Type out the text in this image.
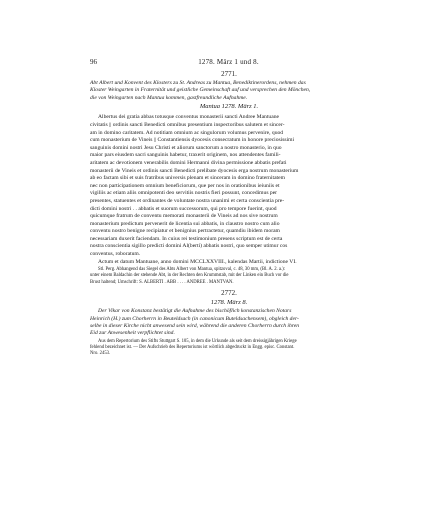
96	1278. März 1 und 8.
2771.

Abt Albert und Konvent des Klosters zu St. Andreas zu Mantua, Benediktinerordens, nehmen das

Kloster Weingarten in Fraternität und geistliche Gemeinschaft auf und versprechen den Mönchen,

die von Weingarten nach Mantua kommen, gastfreundliche Aufnahme.

Mantua 1278. März 1.
Albertus dei gratia abbas totusque conventus monasterii sancti Andree Mantuane
civitatis || ordinis sancti Benedicti omnibus presentium inspectoribus salutem et sincer-
am in domino caritatem. Ad notitiam omnium ac singulorum volumus pervenire, quod
cum monasterium de Vineis || Constantiensis dyocesis consecratum in honore preciosissimi
sanguinis domini nostri Jesu Christi et aliorum sanctorum a nostro monasterio, in quo
maior pars eiusdem sacri sanguinis habetur, traxerit originem, nos attendentes famili-
aritatem ac devotionem venerabilis domini Hermanni divina permissione abbatis prefati
monasterii de Vineis et ordinis sancti Benedicti prelibate dyocesis erga nostrum monasterium
ab eo factam sibi et suis fratribus universis plenam et sinceram in domino fraternitatem
nec non participationem omnium beneficiorum, que per nos in orationibus ieiuniis et
vigiliis ac etiam aliis omnipotenti deo servitiis nostris fieri possunt, concedimus per
presentes, statuentes et ordinantes de voluntate nostra unanimi et certa conscientia pre-
dicti domini nostri . . abbatis et suorum successorum, qui pro tempore fuerint, quod
quicumque fratrum de conventu memorati monasterii de Vineis ad nos sive nostrum
monasterium predictum pervenerit de licentia sui abbatis, in claustro nostro cum alio
conventu nostro benigne recipiatur et benignius pertractetur, quamdiu ibidem moram
necessariam duxerit faciendam. In cuius rei testimonium presens scriptum est de certa
nostra conscientia sigillo predicti domini Al(berti) abbatis nostri, quo semper utimur cos
conventus, roboratum.
Actum et datum Mantuane, anno domini MCCLXXVIII., kalendas Martii, indictione VI.
Stl. Perg. Abhangend das Siegel des Abts Albert von Mantua, spitzoval, c. 48, 30 mm, (Bl. A. 2. a.):
unter einem Baldachin der stehende Abt, in der Rechten den Krummstab, mit der Linken ein Buch vor die
Brust haltend; Umschrift: S. ALBERTI . ABB . . . . ANDREE . MANTVAN.
2772.
1278. März 8.

Der Vikar von Konstanz bestätigt die Aufnahme des bischöflich konstanzischen Notars

Heinrich (H.) zum Chorherrn in Beuteldsach (in canonicum Buteldsachensem), obgleich der-

selbe in dieser Kirche nicht anwesend sein wird, während die anderen Chorherrn durch ihren

Eid zur Anwesenheit verpflichtet sind.

Aus dem Repertorium des Stifts Stuttgart S. 105, in dem die Urkunde als seit dem dreissigjährigen Kriege
fehlend bezeichnet ist. — Der Aufschrieb des Repertoriums ist wörtlich abgedruckt in Engg. episc. Constant.
Nro. 2453.
